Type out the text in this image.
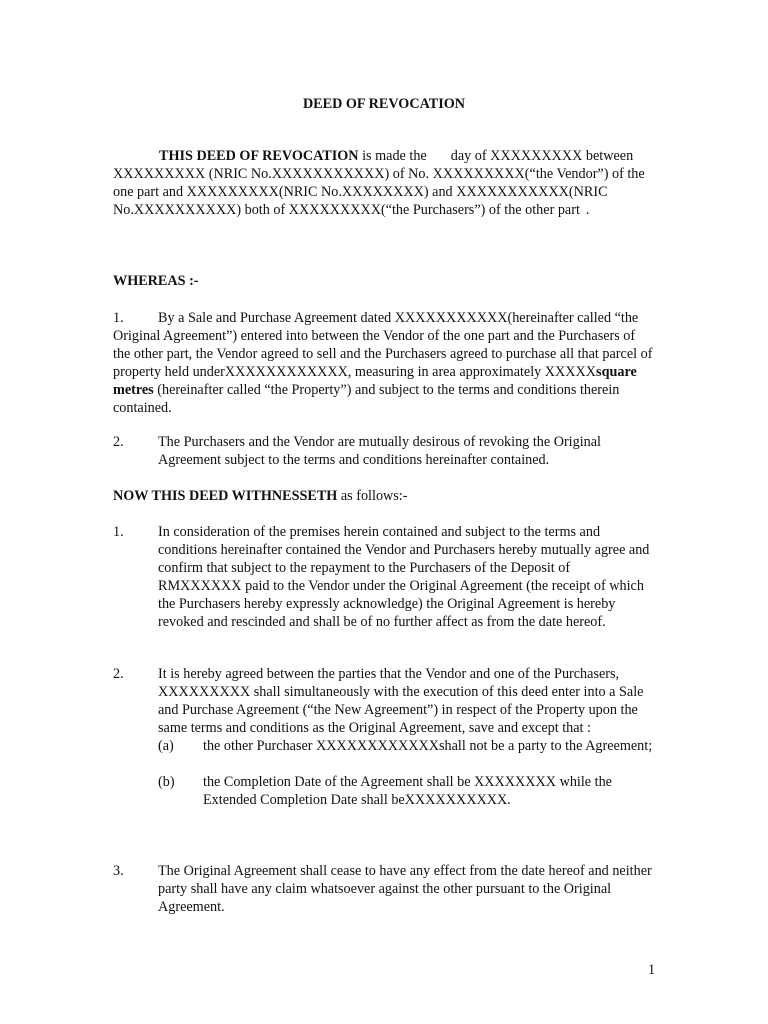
DEED OF REVOCATION
THIS DEED OF REVOCATION is made the day of XXXXXXXXX between XXXXXXXXX (NRIC No.XXXXXXXXXXX) of No. XXXXXXXXX(“the Vendor”) of the one part and XXXXXXXXX(NRIC No.XXXXXXXX) and XXXXXXXXXXX(NRIC No.XXXXXXXXXX) both of XXXXXXXXX(“the Purchasers”) of the other part .
WHEREAS :-
1.	By a Sale and Purchase Agreement dated XXXXXXXXXXX(hereinafter called “the Original Agreement”) entered into between the Vendor of the one part and the Purchasers of the other part, the Vendor agreed to sell and the Purchasers agreed to purchase all that parcel of property held underXXXXXXXXXXXX, measuring in area approximately XXXXXsquare metres (hereinafter called “the Property”) and subject to the terms and conditions therein contained.
2. The Purchasers and the Vendor are mutually desirous of revoking the Original Agreement subject to the terms and conditions hereinafter contained.
NOW THIS DEED WITHNESSETH as follows:-
1. In consideration of the premises herein contained and subject to the terms and conditions hereinafter contained the Vendor and Purchasers hereby mutually agree and confirm that subject to the repayment to the Purchasers of the Deposit of RMXXXXXX paid to the Vendor under the Original Agreement (the receipt of which the Purchasers hereby expressly acknowledge) the Original Agreement is hereby revoked and rescinded and shall be of no further affect as from the date hereof.
2. It is hereby agreed between the parties that the Vendor and one of the Purchasers, XXXXXXXXX shall simultaneously with the execution of this deed enter into a Sale and Purchase Agreement (“the New Agreement”) in respect of the Property upon the same terms and conditions as the Original Agreement, save and except that :
(a) the other Purchaser XXXXXXXXXXXXshall not be a party to the Agreement;
(b) the Completion Date of the Agreement shall be XXXXXXXX while the Extended Completion Date shall beXXXXXXXXXX.
3. The Original Agreement shall cease to have any effect from the date hereof and neither party shall have any claim whatsoever against the other pursuant to the Original Agreement.
1
